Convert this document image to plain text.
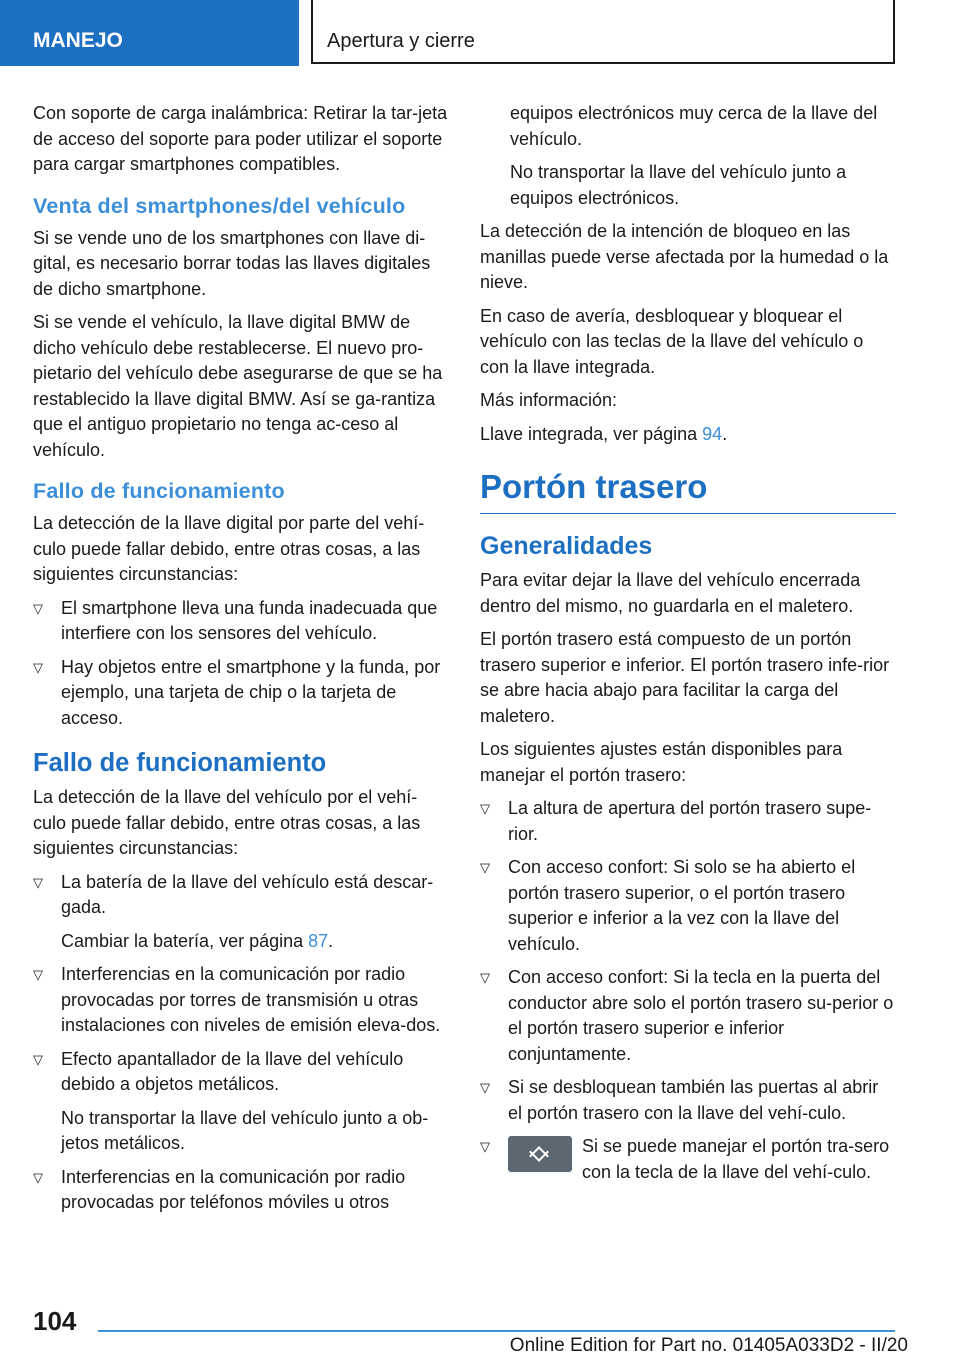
MANEJO	Apertura y cierre

Con soporte de carga inalámbrica: Retirar la tar-jeta de acceso del soporte para poder utilizar el soporte para cargar smartphones compatibles.

Venta del smartphones/del vehículo

Si se vende uno de los smartphones con llave di-gital, es necesario borrar todas las llaves digitales de dicho smartphone.

Si se vende el vehículo, la llave digital BMW de dicho vehículo debe restablecerse. El nuevo pro-pietario del vehículo debe asegurarse de que se ha restablecido la llave digital BMW. Así se ga-rantiza que el antiguo propietario no tenga ac-ceso al vehículo.

Fallo de funcionamiento

La detección de la llave digital por parte del vehí-culo puede fallar debido, entre otras cosas, a las siguientes circunstancias:

▽ El smartphone lleva una funda inadecuada que interfiere con los sensores del vehículo.
▽ Hay objetos entre el smartphone y la funda, por ejemplo, una tarjeta de chip o la tarjeta de acceso.
Fallo de funcionamiento

La detección de la llave del vehículo por el vehí-culo puede fallar debido, entre otras cosas, a las siguientes circunstancias:

▽ La batería de la llave del vehículo está descar-gada.
Cambiar la batería, ver página 87.
▽ Interferencias en la comunicación por radio provocadas por torres de transmisión u otras instalaciones con niveles de emisión eleva-dos.
▽ Efecto apantallador de la llave del vehículo debido a objetos metálicos.
No transportar la llave del vehículo junto a ob-jetos metálicos.
▽ Interferencias en la comunicación por radio provocadas por teléfonos móviles u otros

equipos electrónicos muy cerca de la llave del vehículo.

No transportar la llave del vehículo junto a equipos electrónicos.

La detección de la intención de bloqueo en las manillas puede verse afectada por la humedad o la nieve.

En caso de avería, desbloquear y bloquear el vehículo con las teclas de la llave del vehículo o con la llave integrada.

Más información:

Llave integrada, ver página 94.

Portón trasero
Generalidades

Para evitar dejar la llave del vehículo encerrada dentro del mismo, no guardarla en el maletero.

El portón trasero está compuesto de un portón trasero superior e inferior. El portón trasero infe-rior se abre hacia abajo para facilitar la carga del maletero.

Los siguientes ajustes están disponibles para manejar el portón trasero:

▽ La altura de apertura del portón trasero supe-rior.
▽ Con acceso confort: Si solo se ha abierto el portón trasero superior, o el portón trasero superior e inferior a la vez con la llave del vehículo.
▽ Con acceso confort: Si la tecla en la puerta del conductor abre solo el portón trasero su-perior o el portón trasero superior e inferior conjuntamente.
▽ Si se desbloquean también las puertas al abrir el portón trasero con la llave del vehí-culo.
▽	Si se puede manejar el portón tra-sero con la tecla de la llave del vehí-culo.
104
Online Edition for Part no. 01405A033D2 - II/20
